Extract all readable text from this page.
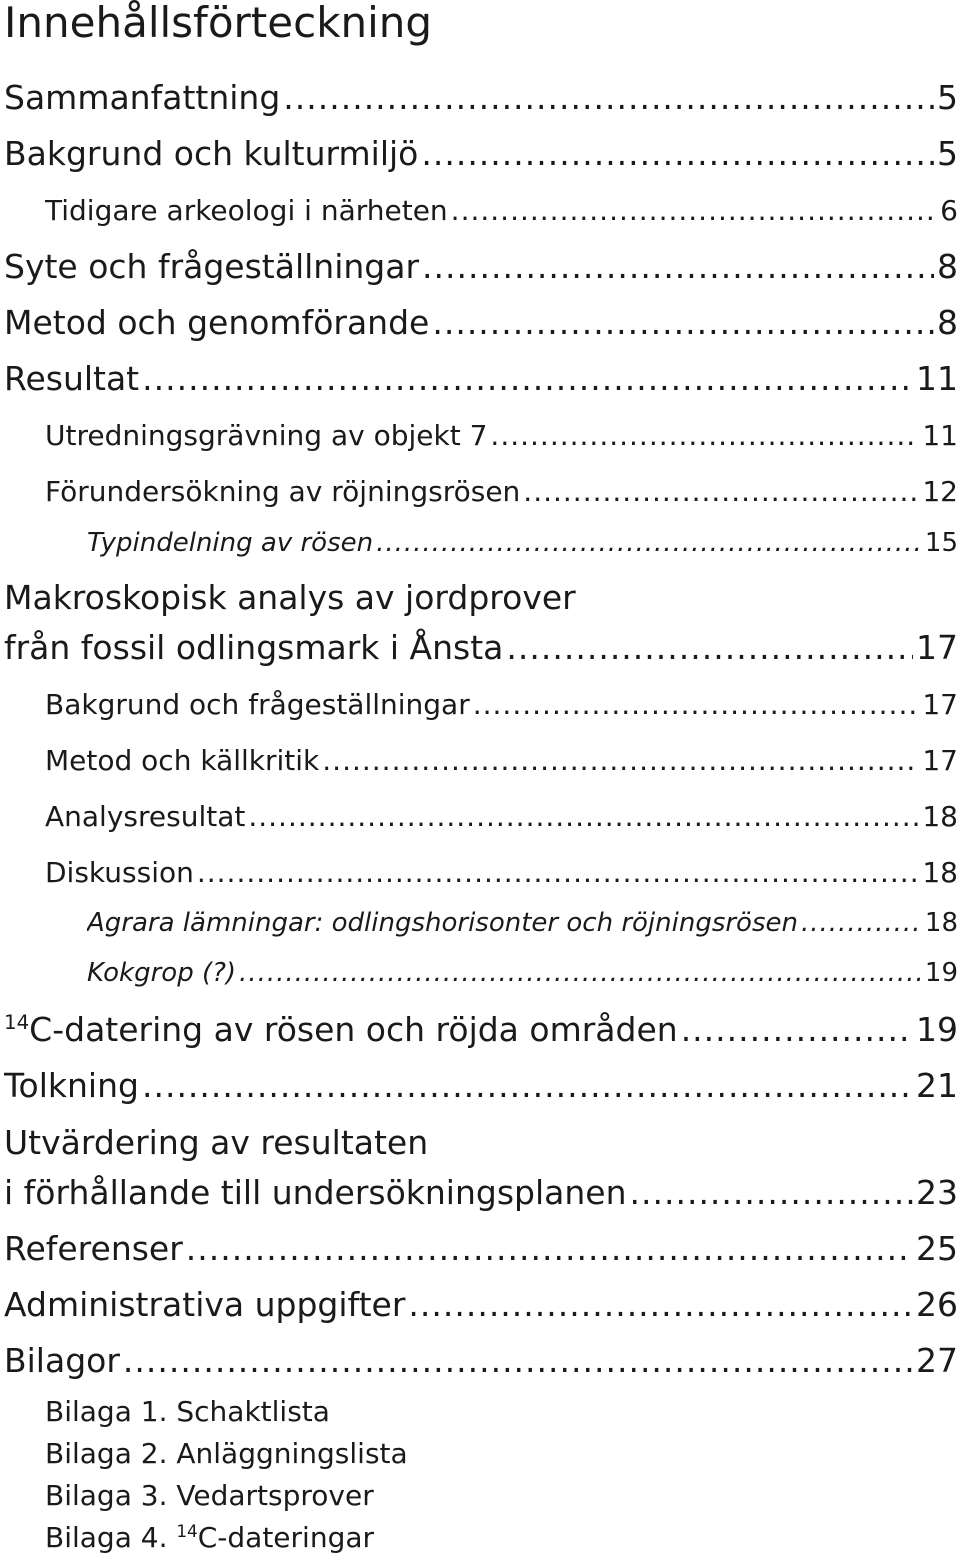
Innehållsförteckning
Sammanfattning .....	5
Bakgrund och kulturmiljö .....	5
Tidigare arkeologi i närheten .....	6
Syte och frågeställningar .....	8
Metod och genomförande .....	8
Resultat .....	11
Utredningsgrävning av objekt 7 .....	11
Förundersökning av röjningsrösen .....	12
Typindelning av rösen .....	15
Makroskopisk analys av jordprover
från fossil odlingsmark i Ånsta .....	17
Bakgrund och frågeställningar .....	17
Metod och källkritik .....	17
Analysresultat .....	18
Diskussion .....	18
Agrara lämningar: odlingshorisonter och röjningsrösen .....	18
Kokgrop (?) .....	19
$^{14}$C-datering av rösen och röjda områden .....	19
Tolkning .....	21
Utvärdering av resultaten
i förhållande till undersökningsplanen .....	23
Referenser .....	25
Administrativa uppgifter .....	26
Bilagor .....	27
Bilaga 1. Schaktlista
Bilaga 2. Anläggningslista
Bilaga 3. Vedartsprover
Bilaga 4. $^{14}$C-dateringar
